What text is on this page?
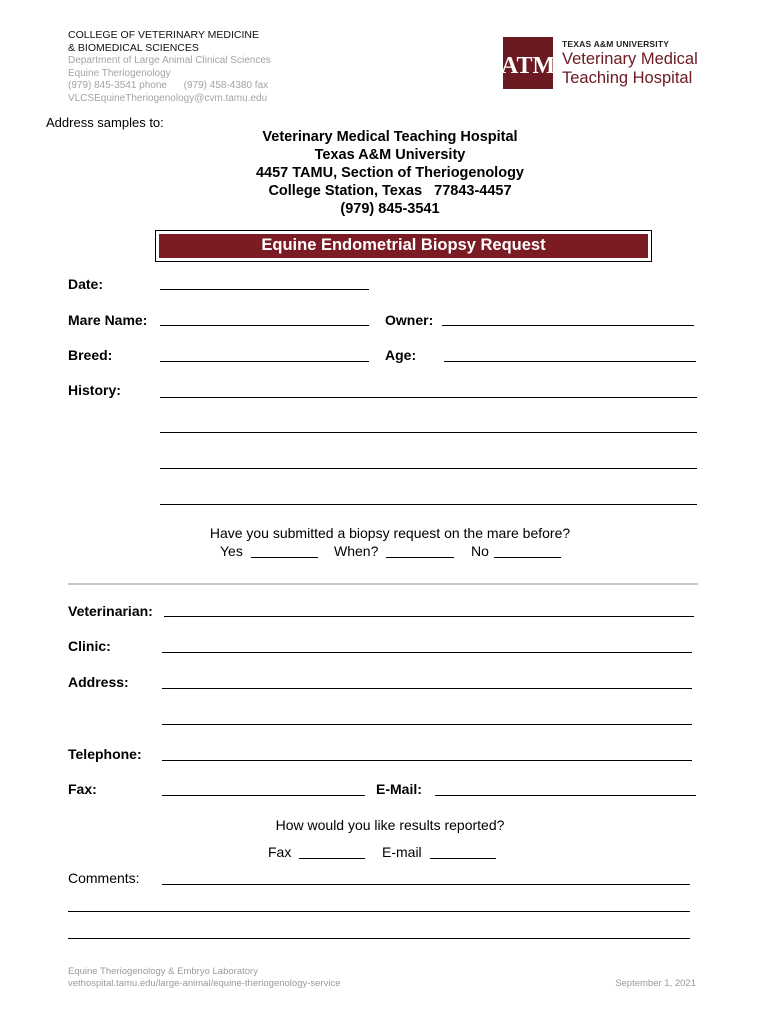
COLLEGE OF VETERINARY MEDICINE
& BIOMEDICAL SCIENCES
Department of Large Animal Clinical Sciences
Equine Theriogenology
(979) 845-3541 phone      (979) 458-4380 fax
VLCSEquineTheriogenology@cvm.tamu.edu
ATM
TEXAS A&M UNIVERSITY
Veterinary Medical
Teaching Hospital
Address samples to:
Veterinary Medical Teaching Hospital
Texas A&M University
4457 TAMU, Section of Theriogenology
College Station, Texas   77843-4457
(979) 845-3541
Equine Endometrial Biopsy Request
Date:
Mare Name:	Owner:
Breed:	Age:
History:
Have you submitted a biopsy request on the mare before?
Yes	When?	No
Veterinarian:
Clinic:
Address:
Telephone:
Fax:	E-Mail:
How would you like results reported?
Fax	E-mail
Comments:
Equine Theriogenology & Embryo Laboratory
vethospital.tamu.edu/large-animal/equine-theriogenology-service	September 1, 2021
